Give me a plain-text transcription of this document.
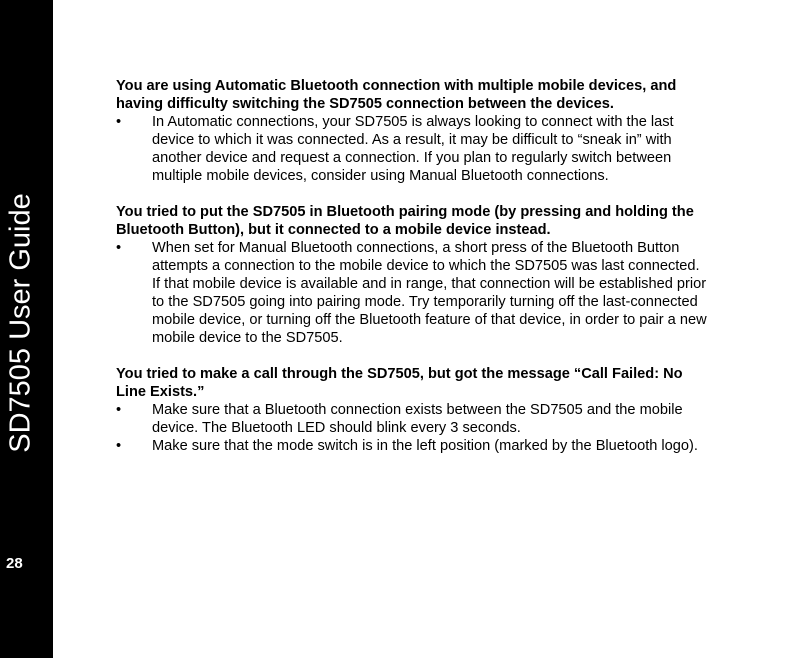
SD7505 User Guide
28
You are using Automatic Bluetooth connection with multiple mobile devices, and
having difficulty switching the SD7505 connection between the devices.
• In Automatic connections, your SD7505 is always looking to connect with the last
device to which it was connected. As a result, it may be difficult to “sneak in” with
another device and request a connection. If you plan to regularly switch between
multiple mobile devices, consider using Manual Bluetooth connections.
You tried to put the SD7505 in Bluetooth pairing mode (by pressing and holding the
Bluetooth Button), but it connected to a mobile device instead.
• When set for Manual Bluetooth connections, a short press of the Bluetooth Button
attempts a connection to the mobile device to which the SD7505 was last connected.
If that mobile device is available and in range, that connection will be established prior
to the SD7505 going into pairing mode. Try temporarily turning off the last-connected
mobile device, or turning off the Bluetooth feature of that device, in order to pair a new
mobile device to the SD7505.
You tried to make a call through the SD7505, but got the message “Call Failed: No
Line Exists.”
• Make sure that a Bluetooth connection exists between the SD7505 and the mobile
device. The Bluetooth LED should blink every 3 seconds.
• Make sure that the mode switch is in the left position (marked by the Bluetooth logo).
